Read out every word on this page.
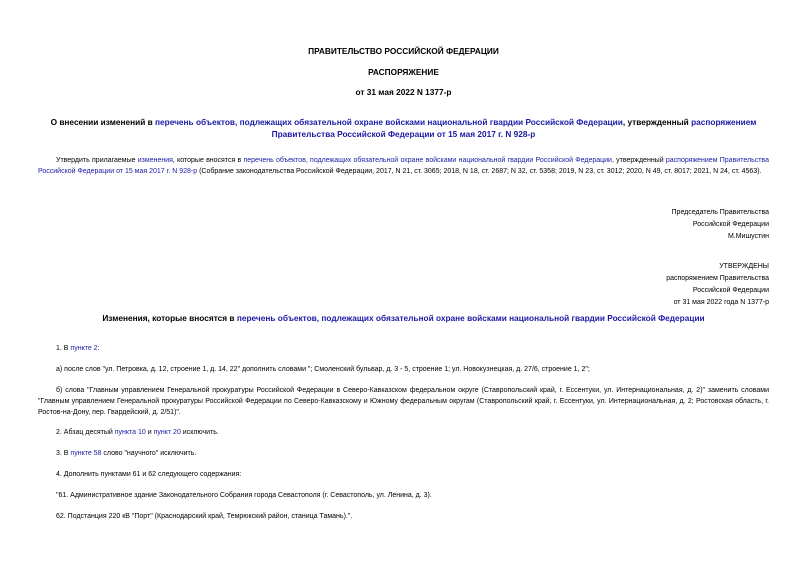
ПРАВИТЕЛЬСТВО РОССИЙСКОЙ ФЕДЕРАЦИИ
РАСПОРЯЖЕНИЕ
от 31 мая 2022 N 1377-р
О внесении изменений в перечень объектов, подлежащих обязательной охране войсками национальной гвардии Российской Федерации, утвержденный распоряжением Правительства Российской Федерации от 15 мая 2017 г. N 928-р
Утвердить прилагаемые изменения, которые вносятся в перечень объектов, подлежащих обязательной охране войсками национальной гвардии Российской Федерации, утвержденный распоряжением Правительства Российской Федерации от 15 мая 2017 г. N 928-р (Собрание законодательства Российской Федерации, 2017, N 21, ст. 3065; 2018, N 18, ст. 2687; N 32, ст. 5358; 2019, N 23, ст. 3012; 2020, N 49, ст. 8017; 2021, N 24, ст. 4563).
Председатель Правительства
Российской Федерации
М.Мишустин
УТВЕРЖДЕНЫ
распоряжением Правительства
Российской Федерации
от 31 мая 2022 года N 1377-р
Изменения, которые вносятся в перечень объектов, подлежащих обязательной охране войсками национальной гвардии Российской Федерации
1. В пункте 2:
а) после слов "ул. Петровка, д. 12, строение 1, д. 14, 22" дополнить словами "; Смоленский бульвар, д. 3 - 5, строение 1; ул. Новокузнецкая, д. 27/6, строение 1, 2";
б) слова "Главным управлением Генеральной прокуратуры Российской Федерации в Северо-Кавказском федеральном округе (Ставропольский край, г. Ессентуки, ул. Интернациональная, д. 2)" заменить словами "Главным управлением Генеральной прокуратуры Российской Федерации по Северо-Кавказскому и Южному федеральным округам (Ставропольский край, г. Ессентуки, ул. Интернациональная, д. 2; Ростовская область, г. Ростов-на-Дону, пер. Гвардейский, д. 2/51)".
2. Абзац десятый пункта 10 и пункт 20 исключить.
3. В пункте 58 слово "научного" исключить.
4. Дополнить пунктами 61 и 62 следующего содержания:
"61. Административное здание Законодательного Собрания города Севастополя (г. Севастополь, ул. Ленина, д. 3).
62. Подстанция 220 кВ "Порт" (Краснодарский край, Темрюкский район, станица Тамань).".
